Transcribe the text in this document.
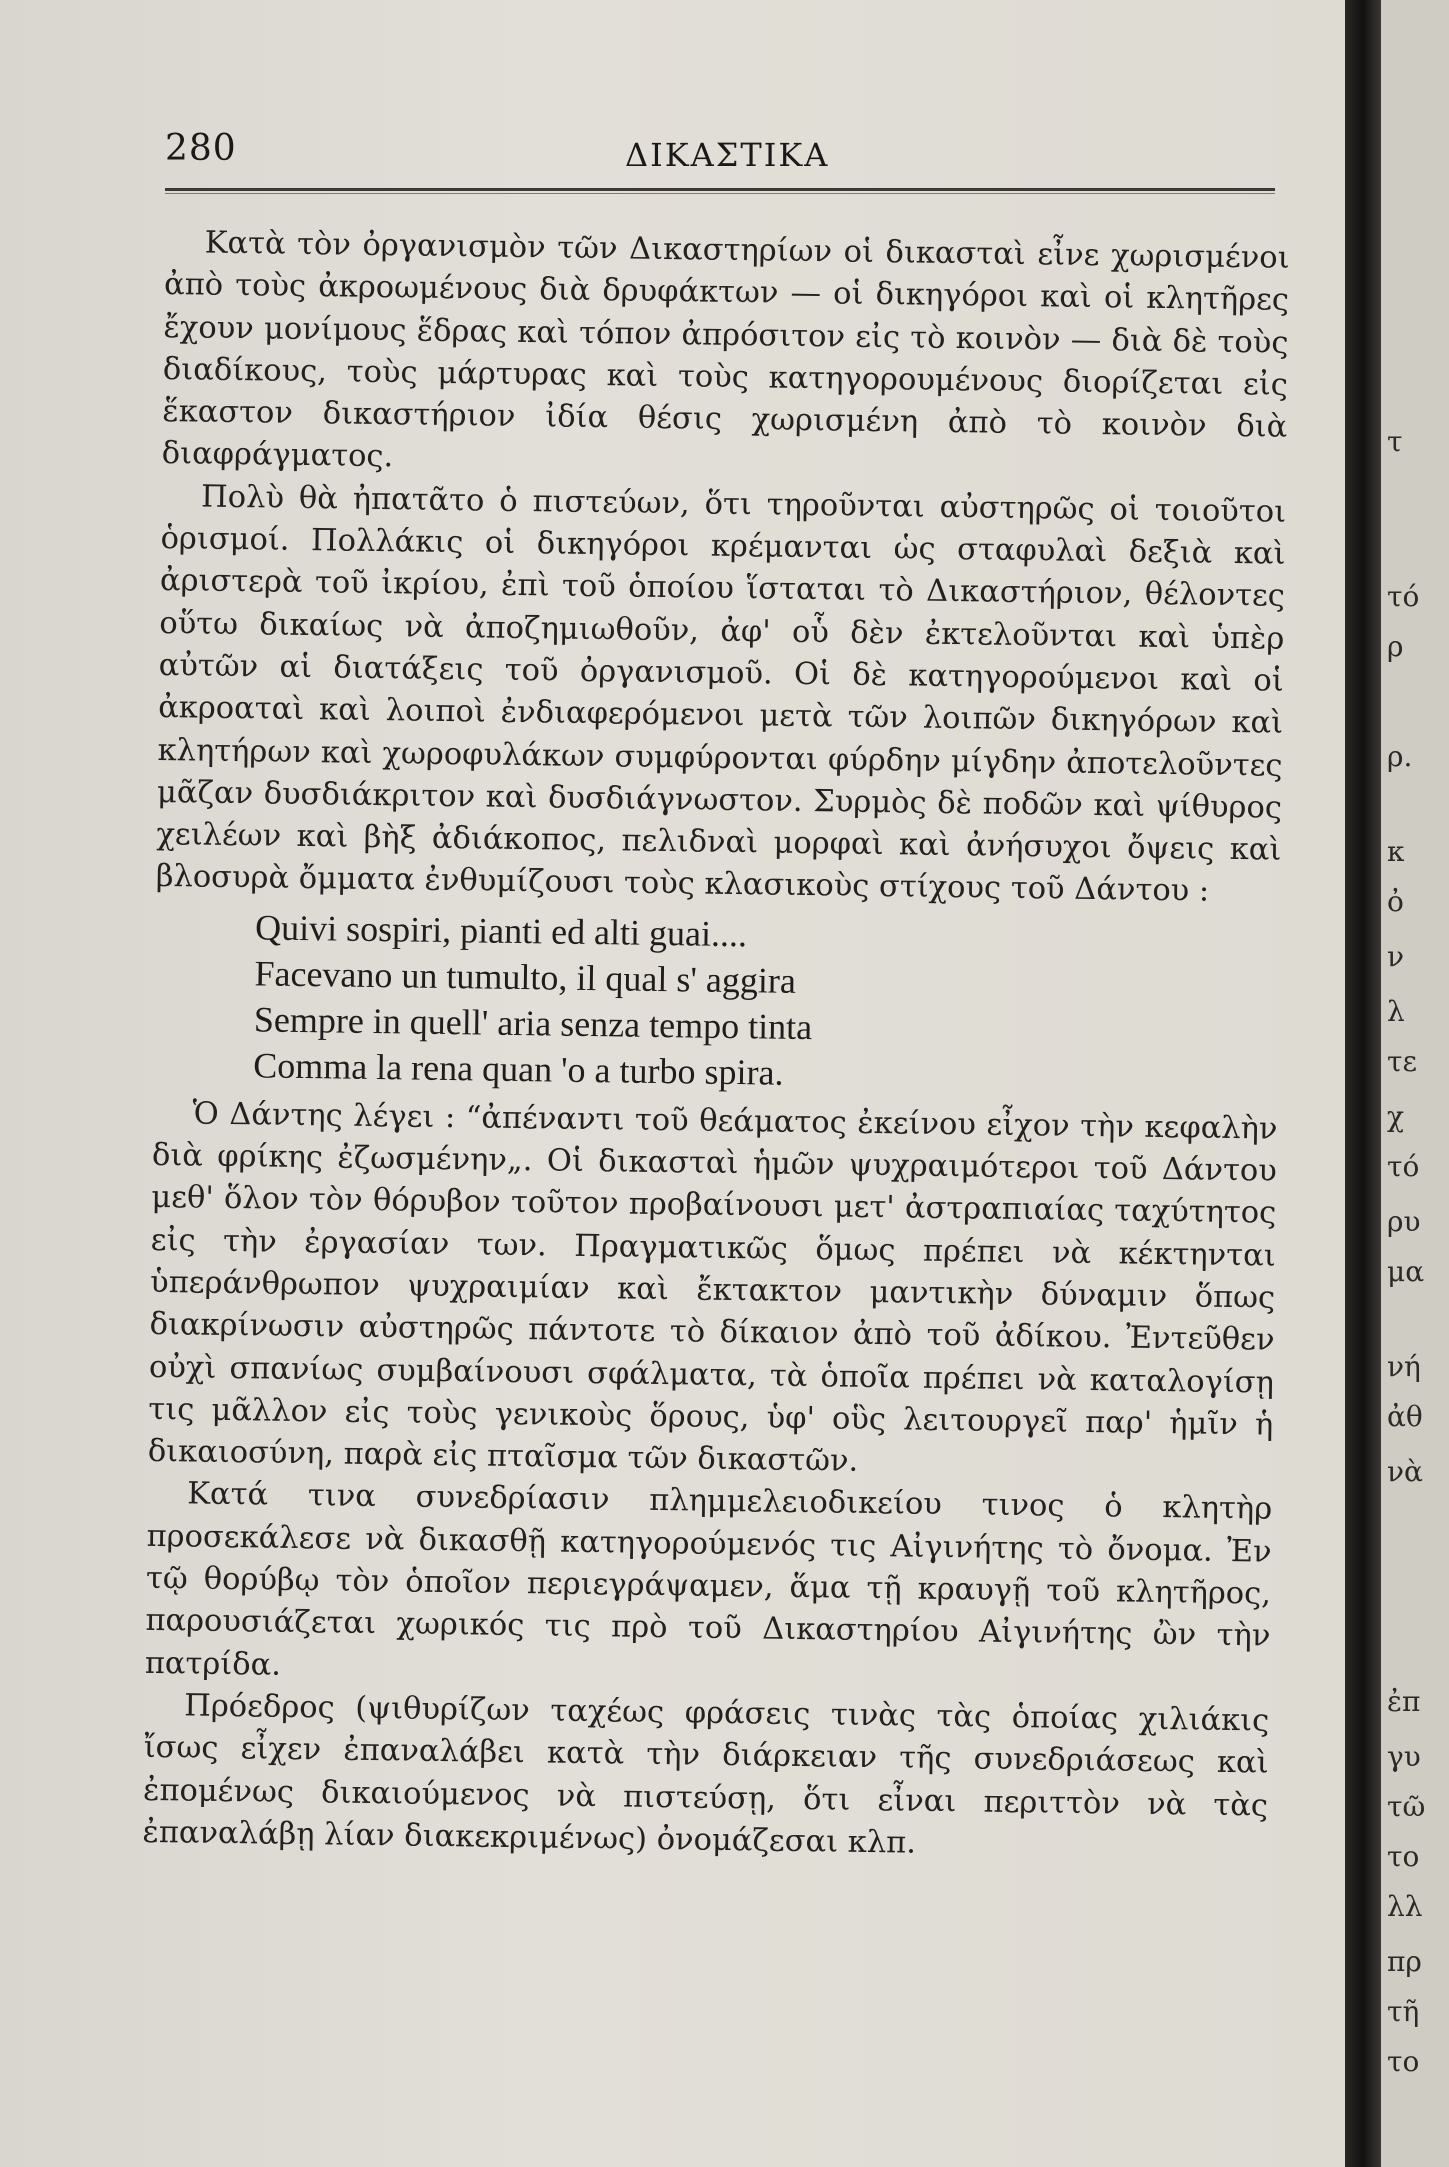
280	ΔΙΚΑΣΤΙΚΑ

Κατὰ τὸν ὀργανισμὸν τῶν Δικαστηρίων οἱ δικασταὶ εἶνε χωρισμένοι ἀπὸ τοὺς ἀκροωμένους διὰ δρυφάκτων — οἱ δικηγόροι καὶ οἱ κλητῆρες ἔχουν μονίμους ἕδρας καὶ τόπον ἀπρόσιτον εἰς τὸ κοινὸν — διὰ δὲ τοὺς διαδίκους, τοὺς μάρτυρας καὶ τοὺς κατηγορουμένους διορίζεται εἰς ἕκαστον δικαστήριον ἰδία θέσις χωρισμένη ἀπὸ τὸ κοινὸν διὰ διαφράγματος.

Πολὺ θὰ ἠπατᾶτο ὁ πιστεύων, ὅτι τηροῦνται αὐστηρῶς οἱ τοιοῦτοι ὁρισμοί. Πολλάκις οἱ δικηγόροι κρέμανται ὡς σταφυλαὶ δεξιὰ καὶ ἀριστερὰ τοῦ ἰκρίου, ἐπὶ τοῦ ὁποίου ἵσταται τὸ Δικαστήριον, θέλοντες οὕτω δικαίως νὰ ἀποζημιωθοῦν, ἀφ' οὗ δὲν ἐκτελοῦνται καὶ ὑπὲρ αὐτῶν αἱ διατάξεις τοῦ ὀργανισμοῦ. Οἱ δὲ κατηγορούμενοι καὶ οἱ ἀκροαταὶ καὶ λοιποὶ ἐνδιαφερόμενοι μετὰ τῶν λοιπῶν δικηγόρων καὶ κλητήρων καὶ χωροφυλάκων συμφύρονται φύρδην μίγδην ἀποτελοῦντες μᾶζαν δυσδιάκριτον καὶ δυσδιάγνωστον. Συρμὸς δὲ ποδῶν καὶ ψίθυρος χειλέων καὶ βὴξ ἀδιάκοπος, πελιδναὶ μορφαὶ καὶ ἀνήσυχοι ὄψεις καὶ βλοσυρὰ ὄμματα ἐνθυμίζουσι τοὺς κλασικοὺς στίχους τοῦ Δάντου :

Quivi sospiri, pianti ed alti guai....
Facevano un tumulto, il qual s' aggira
Sempre in quell' aria senza tempo tinta
Comma la rena quan 'o a turbo spira.

Ὁ Δάντης λέγει : “ἀπέναντι τοῦ θεάματος ἐκείνου εἶχον τὴν κεφαλὴν διὰ φρίκης ἐζωσμένην„. Οἱ δικασταὶ ἡμῶν ψυχραιμότεροι τοῦ Δάντου μεθ' ὅλον τὸν θόρυβον τοῦτον προβαίνουσι μετ' ἀστραπιαίας ταχύτητος εἰς τὴν ἐργασίαν των. Πραγματικῶς ὅμως πρέπει νὰ κέκτηνται ὑπεράνθρωπον ψυχραιμίαν καὶ ἔκτακτον μαντικὴν δύναμιν ὅπως διακρίνωσιν αὐστηρῶς πάντοτε τὸ δίκαιον ἀπὸ τοῦ ἀδίκου. Ἐντεῦθεν οὐχὶ σπανίως συμβαίνουσι σφάλματα, τὰ ὁποῖα πρέπει νὰ καταλογίσῃ τις μᾶλλον εἰς τοὺς γενικοὺς ὅρους, ὑφ' οὓς λειτουργεῖ παρ' ἡμῖν ἡ δικαιοσύνη, παρὰ εἰς πταῖσμα τῶν δικαστῶν.

Κατά τινα συνεδρίασιν πλημμελειοδικείου τινος ὁ κλητὴρ προσεκάλεσε νὰ δικασθῇ κατηγορούμενός τις Αἰγινήτης τὸ ὄνομα. Ἐν τῷ θορύβῳ τὸν ὁποῖον περιεγράψαμεν, ἅμα τῇ κραυγῇ τοῦ κλητῆρος, παρουσιάζεται χωρικός τις πρὸ τοῦ Δικαστηρίου Αἰγινήτης ὢν τὴν πατρίδα.

Πρόεδρος (ψιθυρίζων ταχέως φράσεις τινὰς τὰς ὁποίας χιλιάκις ἴσως εἶχεν ἐπαναλάβει κατὰ τὴν διάρκειαν τῆς συνεδριάσεως καὶ ἐπομένως δικαιούμενος νὰ πιστεύσῃ, ὅτι εἶναι περιττὸν νὰ τὰς ἐπαναλάβῃ λίαν διακεκριμένως) ὀνομάζεσαι κλπ.

τ
τό
ρ
ρ.
κ
ὀ
ν
λ
τε
χ
τό
ρυ
μα
νή
ἀθ
νὰ
ἐπ
γυ
τῶ
το
λλ
πρ
τῆ
το
